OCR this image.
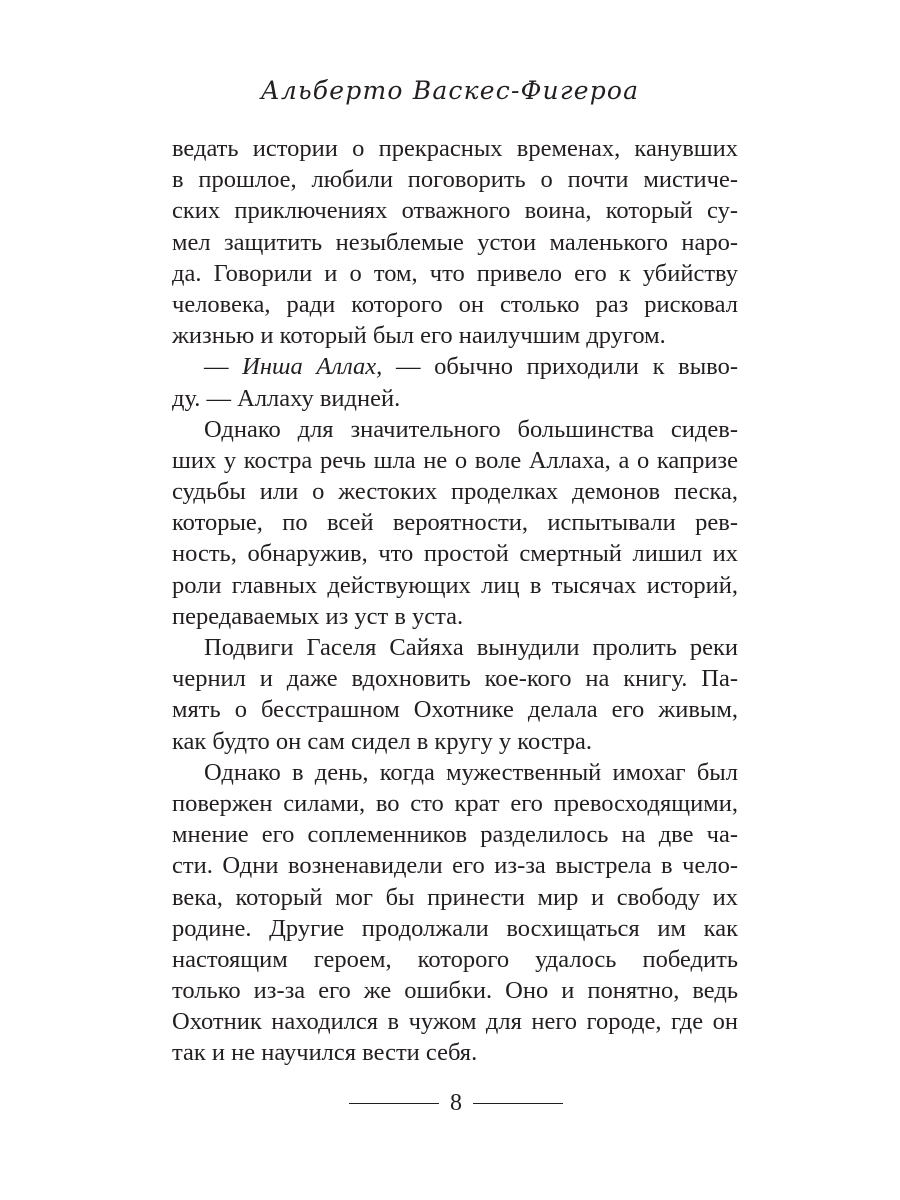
Альберто Васкес-Фигероа
ведать истории о прекрасных временах, канувших
в прошлое, любили поговорить о почти мистиче-
ских приключениях отважного воина, который су-
мел защитить незыблемые устои маленького наро-
да. Говорили и о том, что привело его к убийству
человека, ради которого он столько раз рисковал
жизнью и который был его наилучшим другом.
— Инша Аллах, — обычно приходили к выво-
ду. — Аллаху видней.
Однако для значительного большинства сидев-
ших у костра речь шла не о воле Аллаха, а о капризе
судьбы или о жестоких проделках демонов песка,
которые, по всей вероятности, испытывали рев-
ность, обнаружив, что простой смертный лишил их
роли главных действующих лиц в тысячах историй,
передаваемых из уст в уста.
Подвиги Гаселя Сайяха вынудили пролить реки
чернил и даже вдохновить кое-кого на книгу. Па-
мять о бесстрашном Охотнике делала его живым,
как будто он сам сидел в кругу у костра.
Однако в день, когда мужественный имохаг был
повержен силами, во сто крат его превосходящими,
мнение его соплеменников разделилось на две ча-
сти. Одни возненавидели его из-за выстрела в чело-
века, который мог бы принести мир и свободу их
родине. Другие продолжали восхищаться им как
настоящим героем, которого удалось победить
только из-за его же ошибки. Оно и понятно, ведь
Охотник находился в чужом для него городе, где он
так и не научился вести себя.
8
